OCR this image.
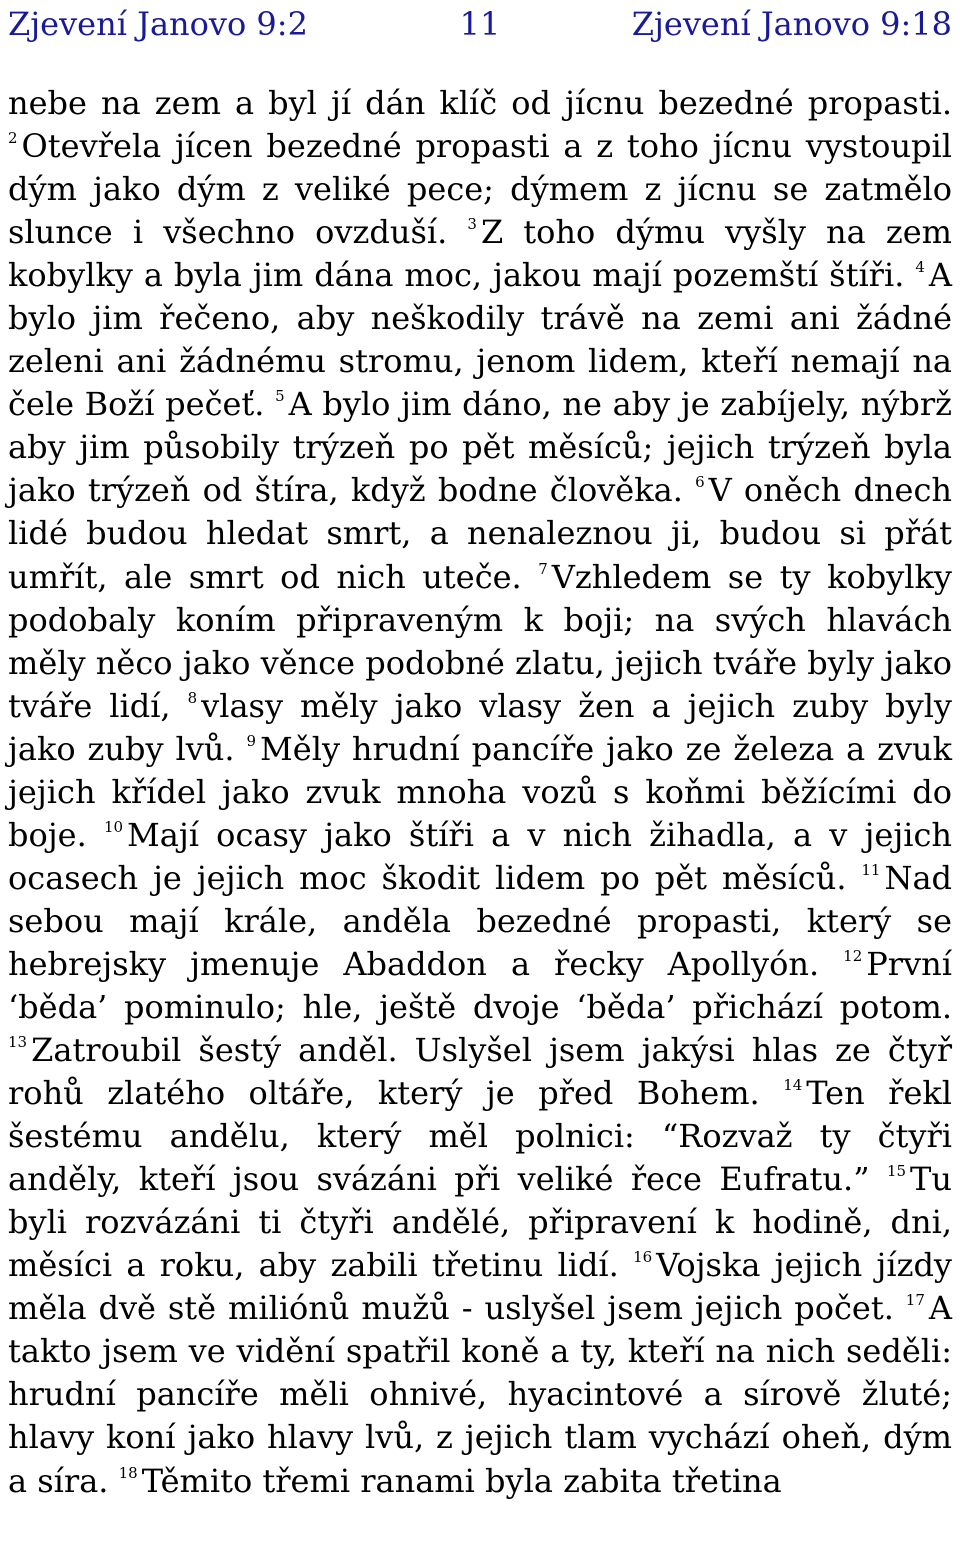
11
Zjevení Janovo 9:2	Zjevení Janovo 9:18
nebe na zem a byl jí dán klíč od jícnu bezedné propasti. $^2$ Otevřela jícen bezedné propasti a z toho jícnu vystoupil dým jako dým z veliké pece; dýmem z jícnu se zatmělo slunce i všechno ovzduší. $^3$ Z toho dýmu vyšly na zem kobylky a byla jim dána moc, jakou mají pozemští štíři. $^4$ A bylo jim řečeno, aby neškodily trávě na zemi ani žádné zeleni ani žádnému stromu, jenom lidem, kteří nemají na čele Boží pečeť. $^5$ A bylo jim dáno, ne aby je zabíjely, nýbrž aby jim působily trýzeň po pět měsíců; jejich trýzeň byla jako trýzeň od štíra, když bodne člověka. $^6$ V oněch dnech lidé budou hledat smrt, a nenaleznou ji, budou si přát umřít, ale smrt od nich uteče. $^7$ Vzhledem se ty kobylky podobaly koním připraveným k boji; na svých hlavách měly něco jako věnce podobné zlatu, jejich tváře byly jako tváře lidí, $^8$ vlasy měly jako vlasy žen a jejich zuby byly jako zuby lvů. $^9$ Měly hrudní pancíře jako ze železa a zvuk jejich křídel jako zvuk mnoha vozů s koňmi běžícími do boje. $^{10}$ Mají ocasy jako štíři a v nich žihadla, a v jejich ocasech je jejich moc škodit lidem po pět měsíců. $^{11}$ Nad sebou mají krále, anděla bezedné propasti, který se hebrejsky jmenuje Abaddon a řecky Apollyón. $^{12}$ První ‘běda’ pominulo; hle, ještě dvoje ‘běda’ přichází potom. $^{13}$ Zatroubil šestý anděl. Uslyšel jsem jakýsi hlas ze čtyř rohů zlatého oltáře, který je před Bohem. $^{14}$ Ten řekl šestému andělu, který měl polnici: “Rozvaž ty čtyři anděly, kteří jsou svázáni při veliké řece Eufratu.” $^{15}$ Tu byli rozvázáni ti čtyři andělé, připravení k hodině, dni, měsíci a roku, aby zabili třetinu lidí. $^{16}$ Vojska jejich jízdy měla dvě stě miliónů mužů - uslyšel jsem jejich počet. $^{17}$ A takto jsem ve vidění spatřil koně a ty, kteří na nich seděli: hrudní pancíře měli ohnivé, hyacintové a sírově žluté; hlavy koní jako hlavy lvů, z jejich tlam vychází oheň, dým a síra. $^{18}$ Těmito třemi ranami byla zabita třetina
